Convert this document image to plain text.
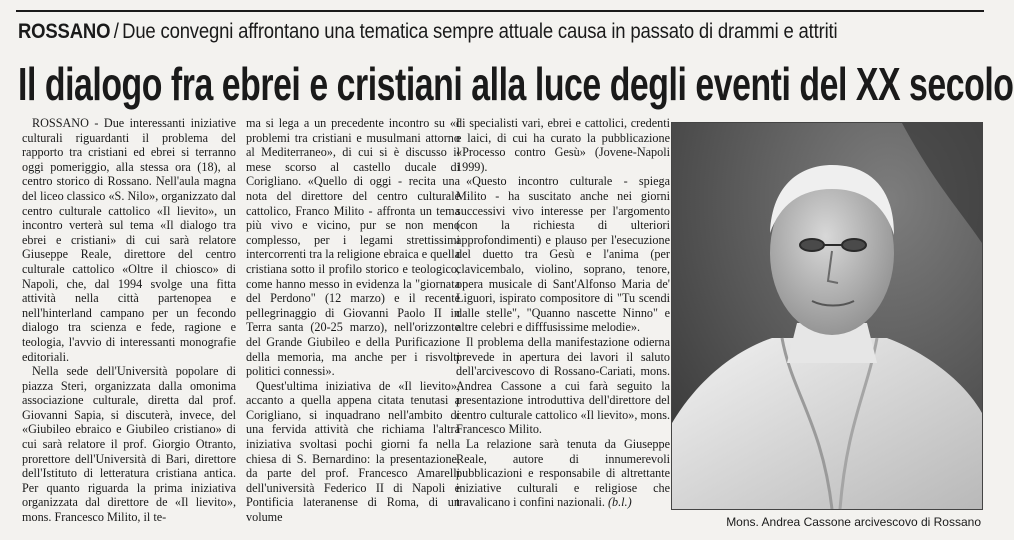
ROSSANO / Due convegni affrontano una tematica sempre attuale causa in passato di drammi e attriti
Il dialogo fra ebrei e cristiani alla luce degli eventi del XX secolo

ROSSANO - Due interessanti iniziative culturali riguardanti il problema del rapporto tra cristiani ed ebrei si terranno oggi pomeriggio, alla stessa ora (18), al centro storico di Rossano. Nell'aula magna del liceo classico «S. Nilo», organizzato dal centro culturale cattolico «Il lievito», un incontro verterà sul tema «Il dialogo tra ebrei e cristiani» di cui sarà relatore Giuseppe Reale, direttore del centro culturale cattolico «Oltre il chiosco» di Napoli, che, dal 1994 svolge una fitta attività nella città partenopea e nell'hinterland campano per un fecondo dialogo tra scienza e fede, ragione e teologia, l'avvio di interessanti monografie editoriali.

Nella sede dell'Università popolare di piazza Steri, organizzata dalla omonima associazione culturale, diretta dal prof. Giovanni Sapia, si discuterà, invece, del «Giubileo ebraico e Giubileo cristiano» di cui sarà relatore il prof. Giorgio Otranto, prorettore dell'Università di Bari, direttore dell'Istituto di letteratura cristiana antica. Per quanto riguarda la prima iniziativa organizzata dal direttore de «Il lievito», mons. Francesco Milito, il te-

ma si lega a un precedente incontro su «I problemi tra cristiani e musulmani attorno al Mediterraneo», di cui si è discusso il mese scorso al castello ducale di Corigliano. «Quello di oggi - recita una nota del direttore del centro culturale cattolico, Franco Milito - affronta un tema più vivo e vicino, pur se non meno complesso, per i legami strettissimi intercorrenti tra la religione ebraica e quella cristiana sotto il profilo storico e teologico, come hanno messo in evidenza la "giornata del Perdono" (12 marzo) e il recente pellegrinaggio di Giovanni Paolo II in Terra santa (20-25 marzo), nell'orizzonte del Grande Giubileo e della Purificazione della memoria, ma anche per i risvolti politici connessi».

Quest'ultima iniziativa de «Il lievito», accanto a quella appena citata tenutasi a Corigliano, si inquadrano nell'ambito di una fervida attività che richiama l'altra iniziativa svoltasi pochi giorni fa nella chiesa di S. Bernardino: la presentazione, da parte del prof. Francesco Amarelli dell'università Federico II di Napoli e Pontificia lateranense di Roma, di un volume

di specialisti vari, ebrei e cattolici, credenti e laici, di cui ha curato la pubblicazione «Processo contro Gesù» (Jovene-Napoli 1999).

«Questo incontro culturale - spiega Milito - ha suscitato anche nei giorni successivi vivo interesse per l'argomento (con la richiesta di ulteriori approfondimenti) e plauso per l'esecuzione del duetto tra Gesù e l'anima (per clavicembalo, violino, soprano, tenore, opera musicale di Sant'Alfonso Maria de' Liguori, ispirato compositore di "Tu scendi dalle stelle", "Quanno nascette Ninno" e altre celebri e difffusissime melodie».

Il problema della manifestazione odierna prevede in apertura dei lavori il saluto dell'arcivescovo di Rossano-Cariati, mons. Andrea Cassone a cui farà seguito la presentazione introduttiva dell'direttore del centro culturale cattolico «Il lievito», mons. Francesco Milito.

La relazione sarà tenuta da Giuseppe Reale, autore di innumerevoli pubblicazioni e responsabile di altrettante iniziative culturali e religiose che travalicano i confini nazionali. (b.l.)

Mons. Andrea Cassone arcivescovo di Rossano
